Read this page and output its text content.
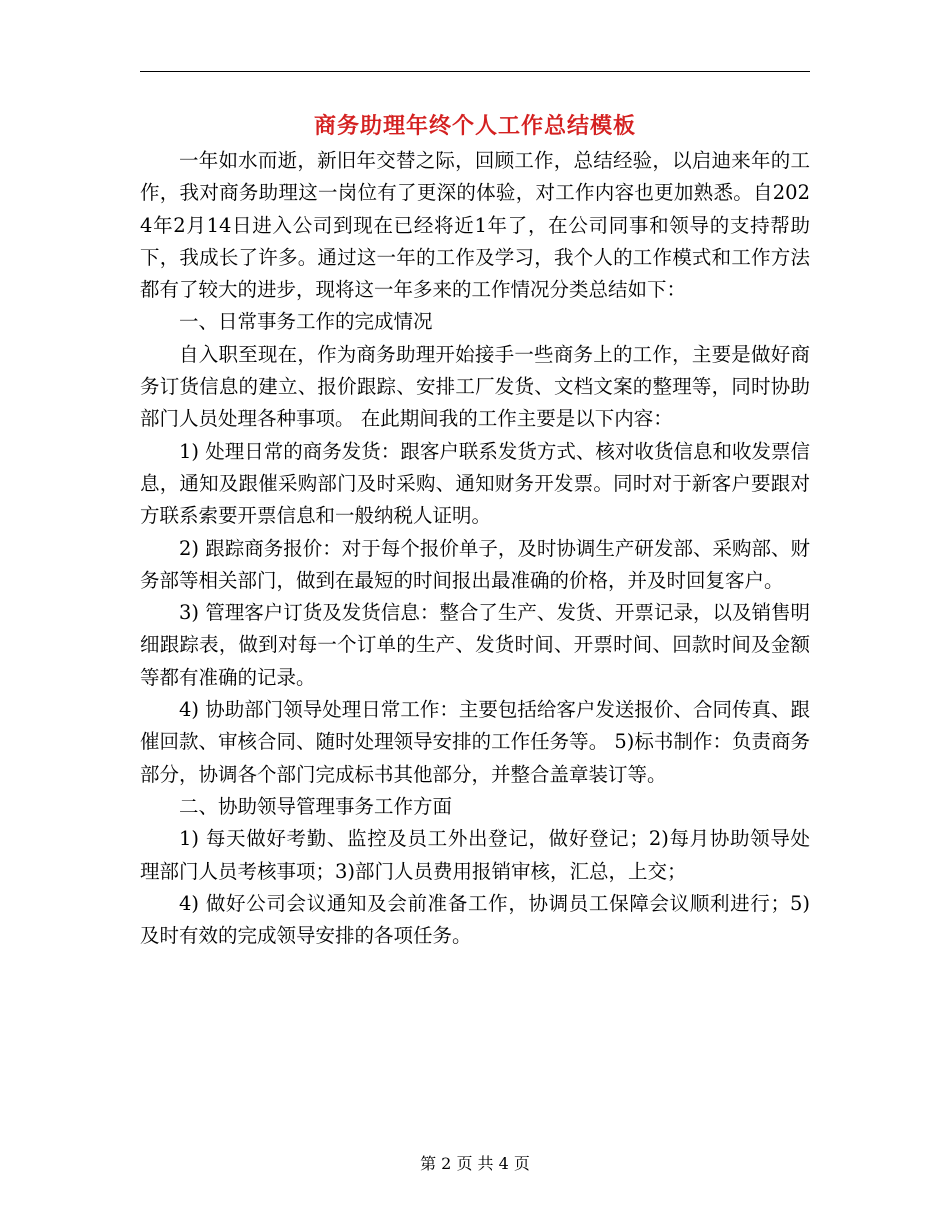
商务助理年终个人工作总结模板

一年如水而逝，新旧年交替之际，回顾工作，总结经验，以启迪来年的工作，我对商务助理这一岗位有了更深的体验，对工作内容也更加熟悉。自2024年2月14日进入公司到现在已经将近1年了，在公司同事和领导的支持帮助下，我成长了许多。通过这一年的工作及学习，我个人的工作模式和工作方法都有了较大的进步，现将这一年多来的工作情况分类总结如下：

一、日常事务工作的完成情况

自入职至现在，作为商务助理开始接手一些商务上的工作，主要是做好商务订货信息的建立、报价跟踪、安排工厂发货、文档文案的整理等，同时协助部门人员处理各种事项。 在此期间我的工作主要是以下内容：

1) 处理日常的商务发货：跟客户联系发货方式、核对收货信息和收发票信息，通知及跟催采购部门及时采购、通知财务开发票。同时对于新客户要跟对方联系索要开票信息和一般纳税人证明。

2) 跟踪商务报价：对于每个报价单子，及时协调生产研发部、采购部、财务部等相关部门，做到在最短的时间报出最准确的价格，并及时回复客户。

3) 管理客户订货及发货信息：整合了生产、发货、开票记录，以及销售明细跟踪表，做到对每一个订单的生产、发货时间、开票时间、回款时间及金额等都有准确的记录。

4) 协助部门领导处理日常工作：主要包括给客户发送报价、合同传真、跟催回款、审核合同、随时处理领导安排的工作任务等。 5)标书制作：负责商务部分，协调各个部门完成标书其他部分，并整合盖章装订等。

二、协助领导管理事务工作方面

1) 每天做好考勤、监控及员工外出登记，做好登记；2)每月协助领导处理部门人员考核事项；3)部门人员费用报销审核，汇总，上交；

4) 做好公司会议通知及会前准备工作，协调员工保障会议顺利进行；5) 及时有效的完成领导安排的各项任务。

第 2 页 共 4 页
